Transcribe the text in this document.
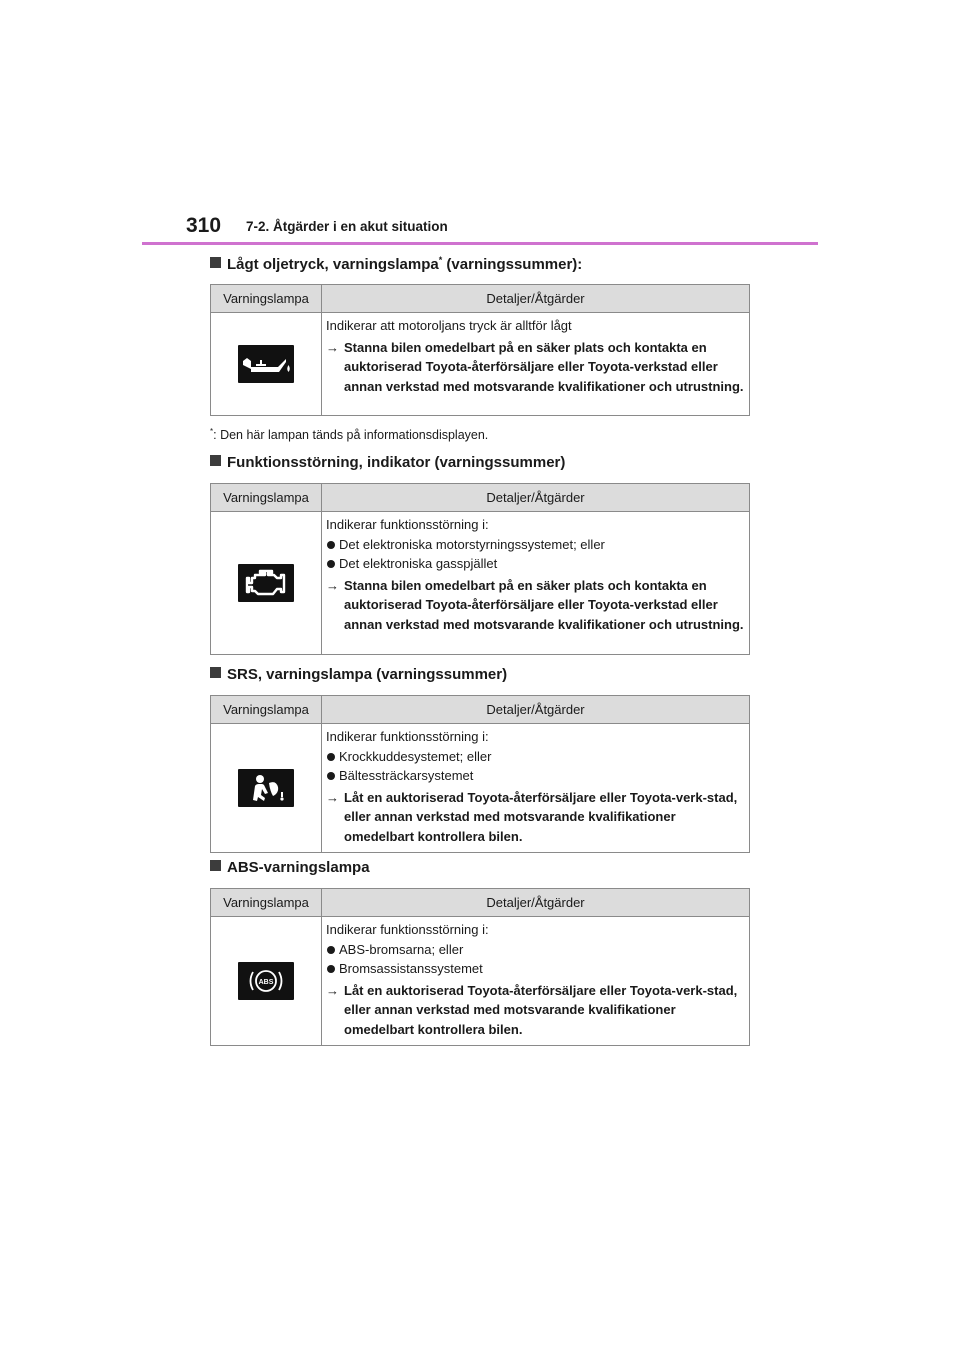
310 7-2. Åtgärder i en akut situation
Lågt oljetryck, varningslampa* (varningssummer):
Varningslampa	Detaljer/Åtgärder

Indikerar att motoroljans tryck är alltför lågt
→ Stanna bilen omedelbart på en säker plats och kontakta en auktoriserad Toyota-återförsäljare eller Toyota-verkstad eller annan verkstad med motsvarande kvalifikationer och utrustning.
*: Den här lampan tänds på informationsdisplayen.
Funktionsstörning, indikator (varningssummer)
Varningslampa	Detaljer/Åtgärder

Indikerar funktionsstörning i:
Det elektroniska motorstyrningssystemet; eller
Det elektroniska gasspjället
→ Stanna bilen omedelbart på en säker plats och kontakta en auktoriserad Toyota-återförsäljare eller Toyota-verkstad eller annan verkstad med motsvarande kvalifikationer och utrustning.
SRS, varningslampa (varningssummer)
Varningslampa	Detaljer/Åtgärder

Indikerar funktionsstörning i:
Krockkuddesystemet; eller
Bältessträckarsystemet
→ Låt en auktoriserad Toyota-återförsäljare eller Toyota-verk-stad, eller annan verkstad med motsvarande kvalifikationer omedelbart kontrollera bilen.
ABS-varningslampa
Varningslampa	Detaljer/Åtgärder

ABS	Indikerar funktionsstörning i:
ABS-bromsarna; eller
Bromsassistanssystemet
→ Låt en auktoriserad Toyota-återförsäljare eller Toyota-verk-stad, eller annan verkstad med motsvarande kvalifikationer omedelbart kontrollera bilen.
